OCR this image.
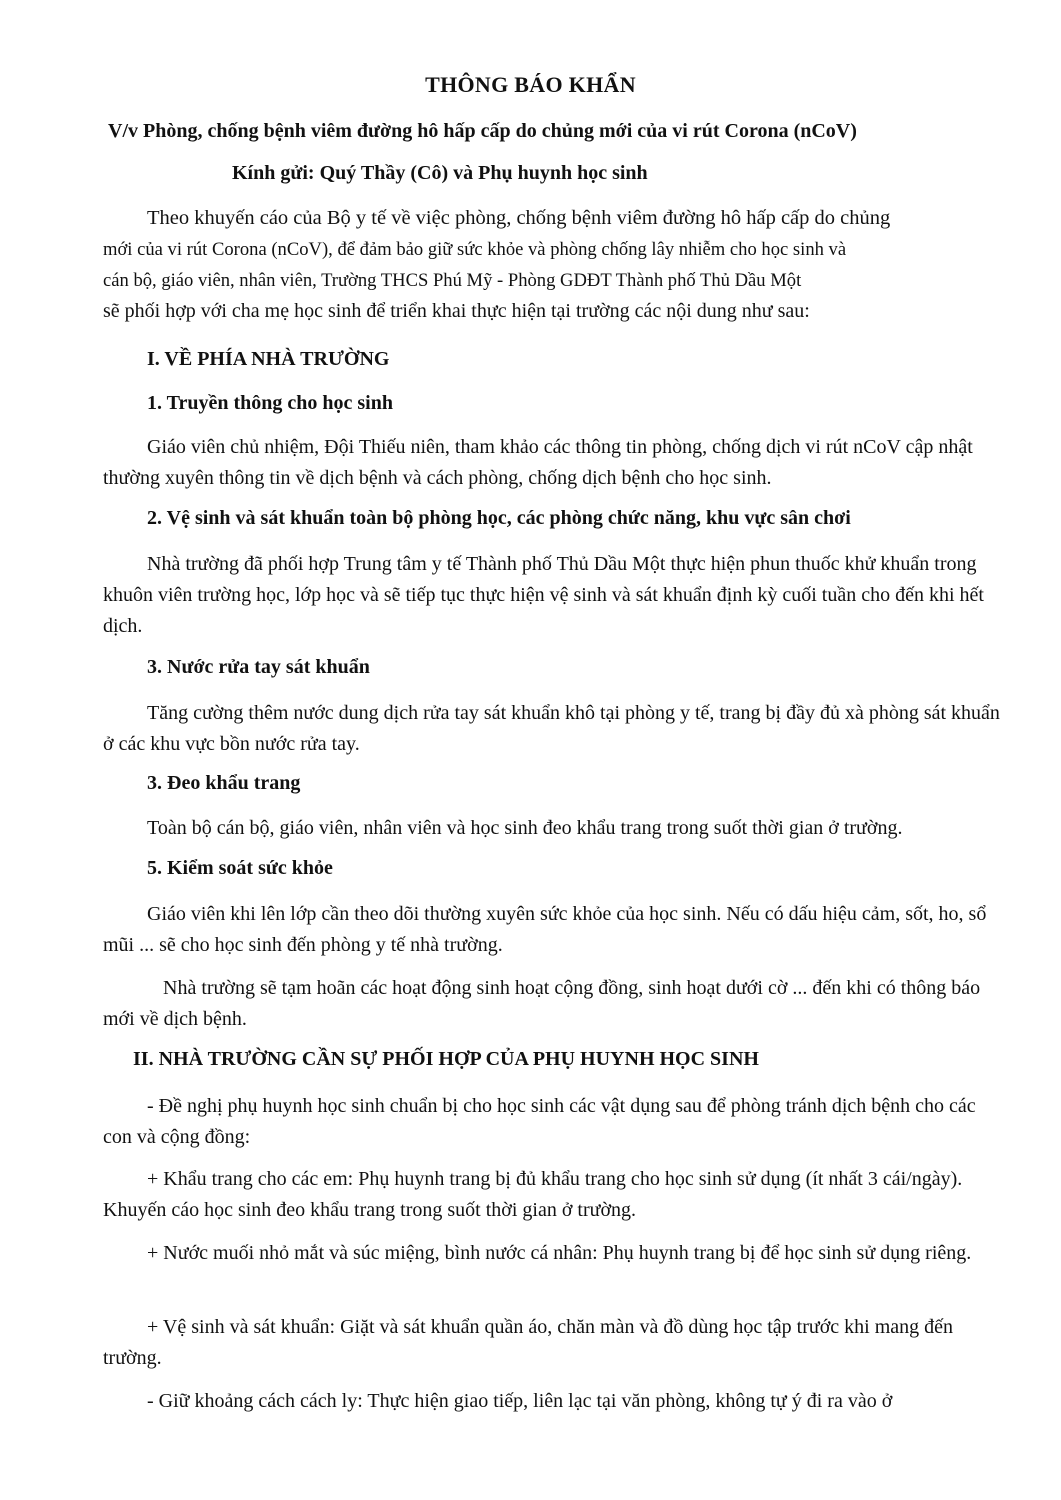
THÔNG BÁO KHẨN
V/v Phòng, chống bệnh viêm đường hô hấp cấp do chủng mới của vi rút Corona (nCoV)
Kính gửi: Quý Thầy (Cô) và Phụ huynh học sinh

Theo khuyến cáo của Bộ y tế về việc phòng, chống bệnh viêm đường hô hấp cấp do chủng

mới của vi rút Corona (nCoV), để đảm bảo giữ sức khỏe và phòng chống lây nhiễm cho học sinh và

cán bộ, giáo viên, nhân viên, Trường THCS Phú Mỹ - Phòng GDĐT Thành phố Thủ Dầu Một

sẽ phối hợp với cha mẹ học sinh để triển khai thực hiện tại trường các nội dung như sau:

I. VỀ PHÍA NHÀ TRƯỜNG
1. Truyền thông cho học sinh
Giáo viên chủ nhiệm, Đội Thiếu niên, tham khảo các thông tin phòng, chống dịch vi rút nCoV cập nhật thường xuyên thông tin về dịch bệnh và cách phòng, chống dịch bệnh cho học sinh.
2. Vệ sinh và sát khuẩn toàn bộ phòng học, các phòng chức năng, khu vực sân chơi
Nhà trường đã phối hợp Trung tâm y tế Thành phố Thủ Dầu Một thực hiện phun thuốc khử khuẩn trong khuôn viên trường học, lớp học và sẽ tiếp tục thực hiện vệ sinh và sát khuẩn định kỳ cuối tuần cho đến khi hết dịch.
3. Nước rửa tay sát khuẩn
Tăng cường thêm nước dung dịch rửa tay sát khuẩn khô tại phòng y tế, trang bị đầy đủ xà phòng sát khuẩn ở các khu vực bồn nước rửa tay.
3. Đeo khẩu trang
Toàn bộ cán bộ, giáo viên, nhân viên và học sinh đeo khẩu trang trong suốt thời gian ở trường.
5. Kiểm soát sức khỏe
Giáo viên khi lên lớp cần theo dõi thường xuyên sức khỏe của học sinh. Nếu có dấu hiệu cảm, sốt, ho, sổ mũi ... sẽ cho học sinh đến phòng y tế nhà trường.
Nhà trường sẽ tạm hoãn các hoạt động sinh hoạt cộng đồng, sinh hoạt dưới cờ ... đến khi có thông báo mới về dịch bệnh.
II. NHÀ TRƯỜNG CẦN SỰ PHỐI HỢP CỦA PHỤ HUYNH HỌC SINH
- Đề nghị phụ huynh học sinh chuẩn bị cho học sinh các vật dụng sau để phòng tránh dịch bệnh cho các con và cộng đồng:
+ Khẩu trang cho các em: Phụ huynh trang bị đủ khẩu trang cho học sinh sử dụng (ít nhất 3 cái/ngày). Khuyến cáo học sinh đeo khẩu trang trong suốt thời gian ở trường.
+ Nước muối nhỏ mắt và súc miệng, bình nước cá nhân: Phụ huynh trang bị để học sinh sử dụng riêng.
+ Vệ sinh và sát khuẩn: Giặt và sát khuẩn quần áo, chăn màn và đồ dùng học tập trước khi mang đến trường.
- Giữ khoảng cách cách ly: Thực hiện giao tiếp, liên lạc tại văn phòng, không tự ý đi ra vào ở
